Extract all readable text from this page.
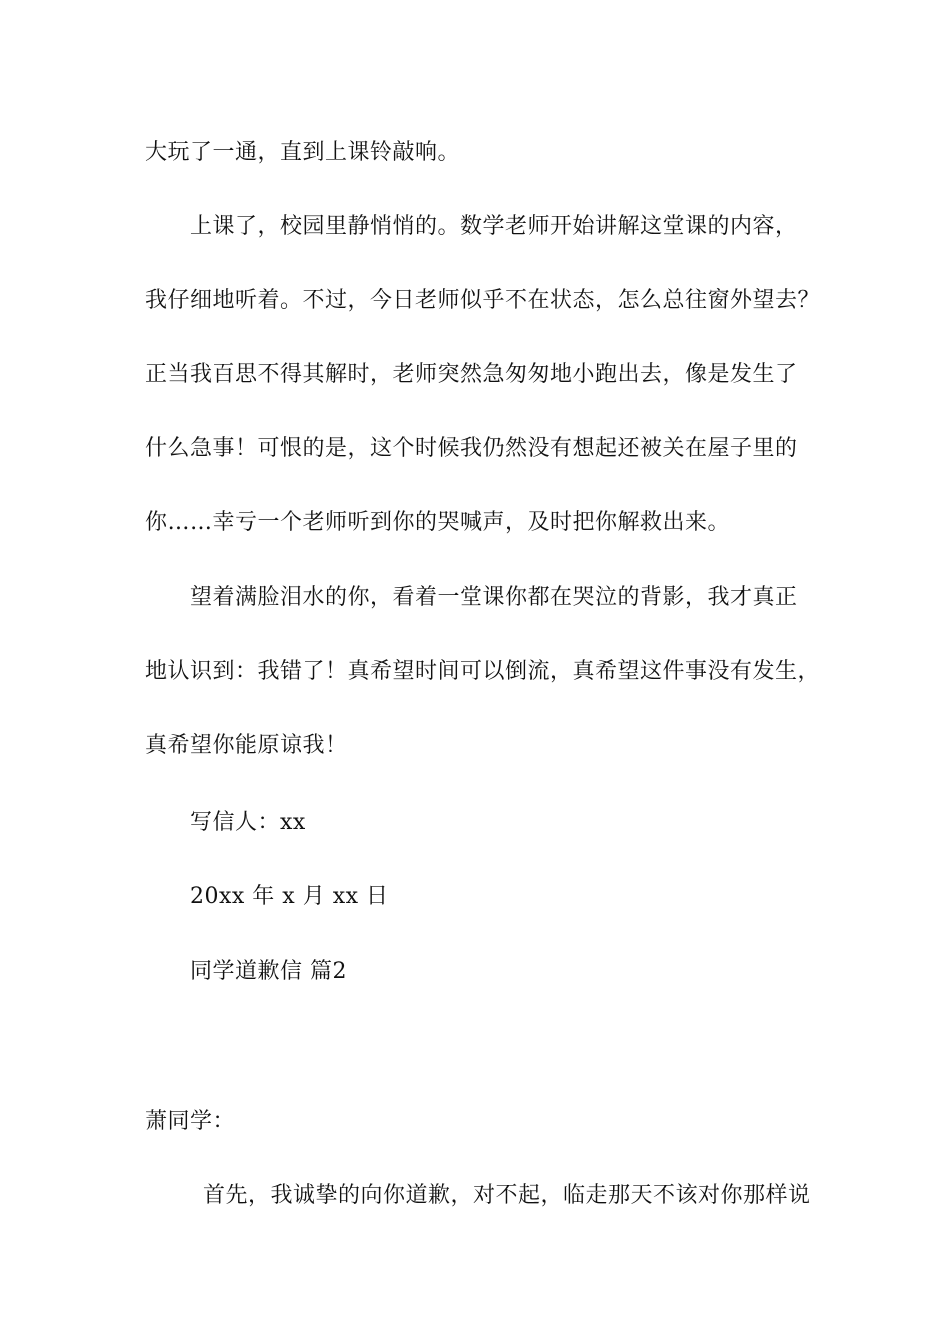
大玩了一通，直到上课铃敲响。
上课了，校园里静悄悄的。数学老师开始讲解这堂课的内容，
我仔细地听着。不过，今日老师似乎不在状态，怎么总往窗外望去？
正当我百思不得其解时，老师突然急匆匆地小跑出去，像是发生了
什么急事！可恨的是，这个时候我仍然没有想起还被关在屋子里的
你……幸亏一个老师听到你的哭喊声，及时把你解救出来。
望着满脸泪水的你，看着一堂课你都在哭泣的背影，我才真正
地认识到：我错了！真希望时间可以倒流，真希望这件事没有发生，
真希望你能原谅我！
写信人：xx
20xx 年 x 月 xx 日
同学道歉信 篇2
萧同学：
首先，我诚挚的向你道歉，对不起，临走那天不该对你那样说
